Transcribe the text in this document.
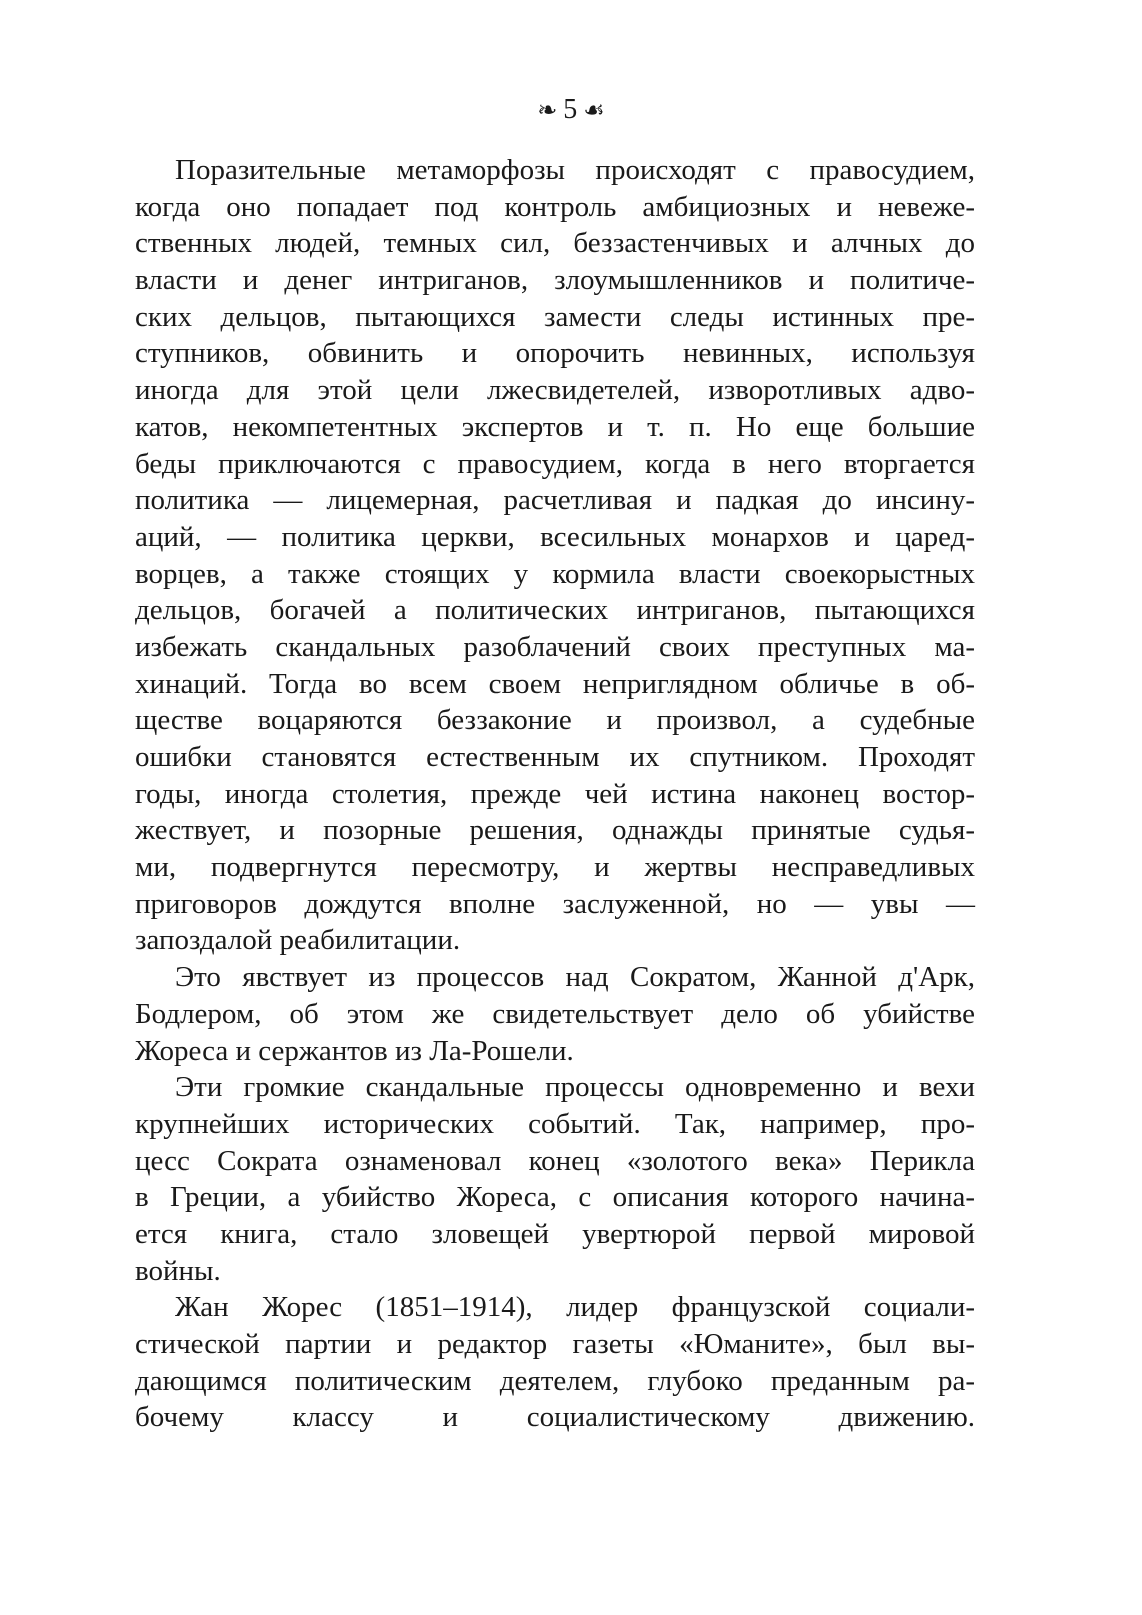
❧ 5 ☙
Поразительные метаморфозы происходят с правосудием,
когда оно попадает под контроль амбициозных и невеже-
ственных людей, темных сил, беззастенчивых и алчных до
власти и денег интриганов, злоумышленников и политиче-
ских дельцов, пытающихся замести следы истинных пре-
ступников, обвинить и опорочить невинных, используя
иногда для этой цели лжесвидетелей, изворотливых адво-
катов, некомпетентных экспертов и т. п. Но еще большие
беды приключаются с правосудием, когда в него вторгается
политика — лицемерная, расчетливая и падкая до инсину-
аций, — политика церкви, всесильных монархов и царед-
ворцев, а также стоящих у кормила власти своекорыстных
дельцов, богачей а политических интриганов, пытающихся
избежать скандальных разоблачений своих преступных ма-
хинаций. Тогда во всем своем неприглядном обличье в об-
ществе воцаряются беззаконие и произвол, а судебные
ошибки становятся естественным их спутником. Проходят
годы, иногда столетия, прежде чей истина наконец востор-
жествует, и позорные решения, однажды принятые судья-
ми, подвергнутся пересмотру, и жертвы несправедливых
приговоров дождутся вполне заслуженной, но — увы —
запоздалой реабилитации.
Это явствует из процессов над Сократом, Жанной д'Арк,
Бодлером, об этом же свидетельствует дело об убийстве
Жореса и сержантов из Ла-Рошели.
Эти громкие скандальные процессы одновременно и вехи
крупнейших исторических событий. Так, например, про-
цесс Сократа ознаменовал конец «золотого века» Перикла
в Греции, а убийство Жореса, с описания которого начина-
ется книга, стало зловещей увертюрой первой мировой
войны.
Жан Жорес (1851–1914), лидер французской социали-
стической партии и редактор газеты «Юманите», был вы-
дающимся политическим деятелем, глубоко преданным ра-
бочему классу и социалистическому движению.
